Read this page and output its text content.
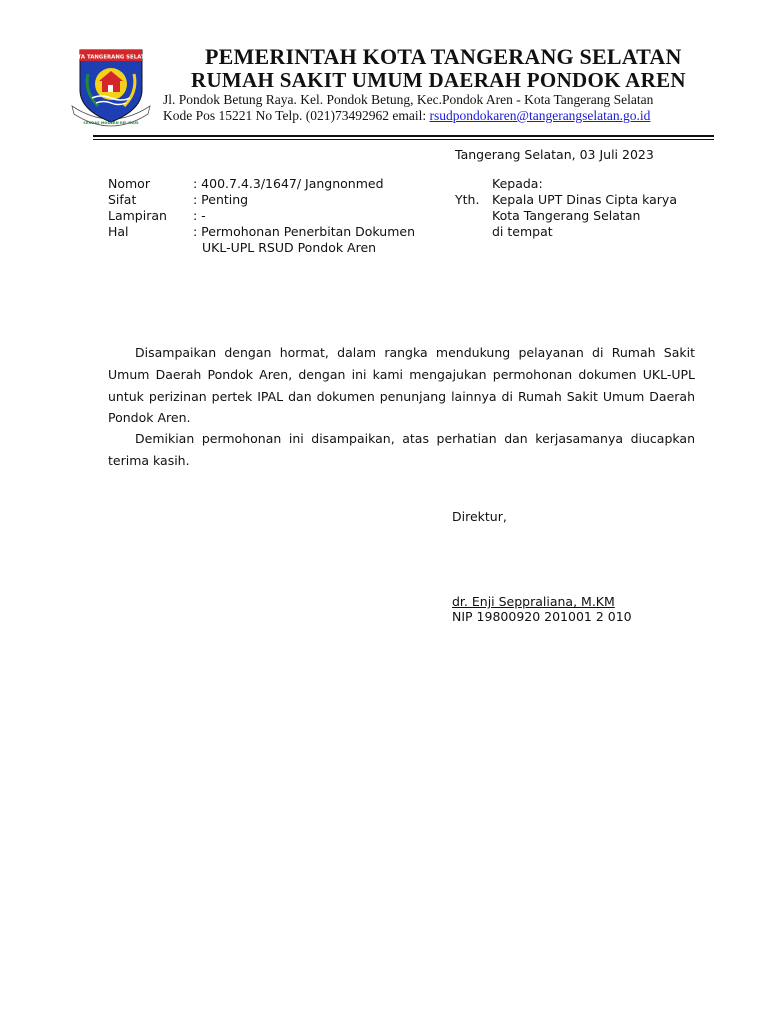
KOTA TANGERANG SELATAN
CERDAS MODERN RELIGIUS
PEMERINTAH KOTA TANGERANG SELATAN
RUMAH SAKIT UMUM DAERAH PONDOK AREN
Jl. Pondok Betung Raya. Kel. Pondok Betung, Kec.Pondok Aren - Kota Tangerang Selatan
Kode Pos 15221 No Telp. (021)73492962 email: rsudpondokaren@tangerangselatan.go.id
Tangerang Selatan, 03 Juli 2023
Nomor	: 400.7.4.3/1647/ Jangnonmed
Sifat	: Penting
Lampiran : -
Hal	: Permohonan Penerbitan Dokumen
UKL-UPL RSUD Pondok Aren
Kepada:
Yth. Kepala UPT Dinas Cipta karya
Kota Tangerang Selatan
di tempat
Disampaikan dengan hormat, dalam rangka mendukung pelayanan di Rumah Sakit Umum Daerah Pondok Aren, dengan ini kami mengajukan permohonan dokumen UKL-UPL untuk perizinan pertek IPAL dan dokumen penunjang lainnya di Rumah Sakit Umum Daerah Pondok Aren.
Demikian permohonan ini disampaikan, atas perhatian dan kerjasamanya diucapkan terima kasih.
Direktur,
dr. Enji Seppraliana, M.KM
NIP 19800920 201001 2 010
